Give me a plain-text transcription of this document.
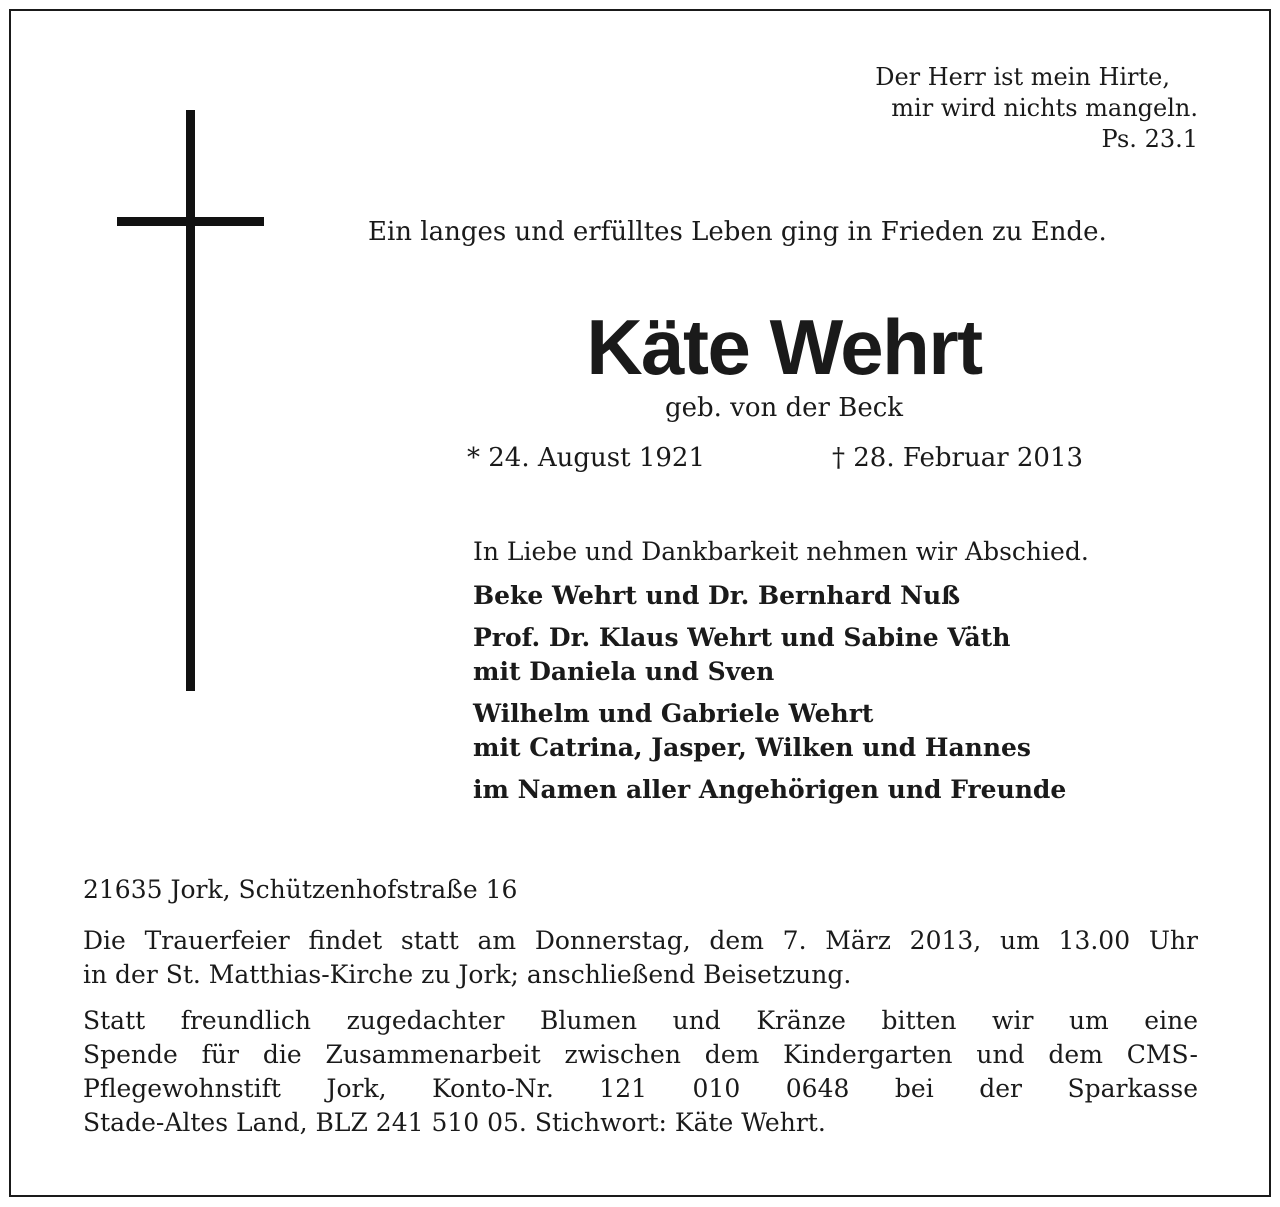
Der Herr ist mein Hirte,
mir wird nichts mangeln.
Ps. 23.1
Ein langes und erfülltes Leben ging in Frieden zu Ende.
Käte Wehrt
geb. von der Beck
* 24. August 1921	† 28. Februar 2013
In Liebe und Dankbarkeit nehmen wir Abschied.
Beke Wehrt und Dr. Bernhard Nuß
Prof. Dr. Klaus Wehrt und Sabine Väth
mit Daniela und Sven
Wilhelm und Gabriele Wehrt
mit Catrina, Jasper, Wilken und Hannes
im Namen aller Angehörigen und Freunde
21635 Jork, Schützenhofstraße 16
Die Trauerfeier findet statt am Donnerstag, dem 7. März 2013, um 13.00 Uhr
in der St. Matthias-Kirche zu Jork; anschließend Beisetzung.
Statt freundlich zugedachter Blumen und Kränze bitten wir um eine
Spende für die Zusammenarbeit zwischen dem Kindergarten und dem CMS-
Pflegewohnstift Jork, Konto-Nr. 121 010 0648 bei der Sparkasse
Stade-Altes Land, BLZ 241 510 05. Stichwort: Käte Wehrt.
